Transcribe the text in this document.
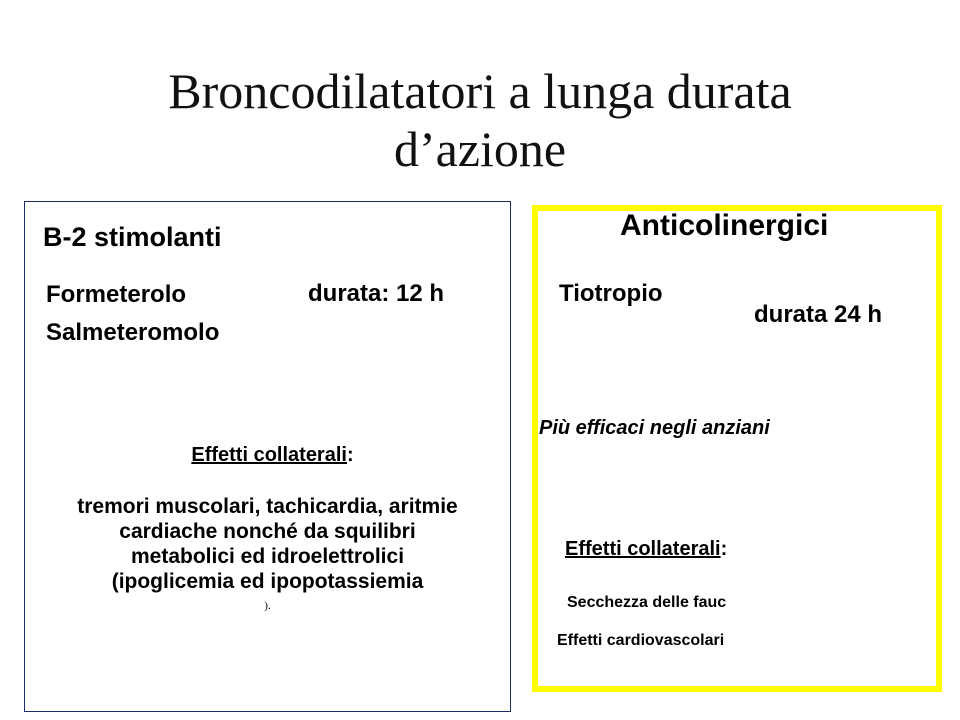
Broncodilatatori a lunga durata
d’azione
B-2 stimolanti
Formeterolo
Salmeteromolo
durata: 12 h
Effetti collaterali:
tremori muscolari, tachicardia, aritmie
cardiache nonché da squilibri
metabolici ed idroelettrolici
(ipoglicemia ed ipopotassiemia
).
Anticolinergici
Tiotropio
durata 24 h
Più efficaci negli anziani
Effetti collaterali:
Secchezza delle fauc
Effetti cardiovascolari
